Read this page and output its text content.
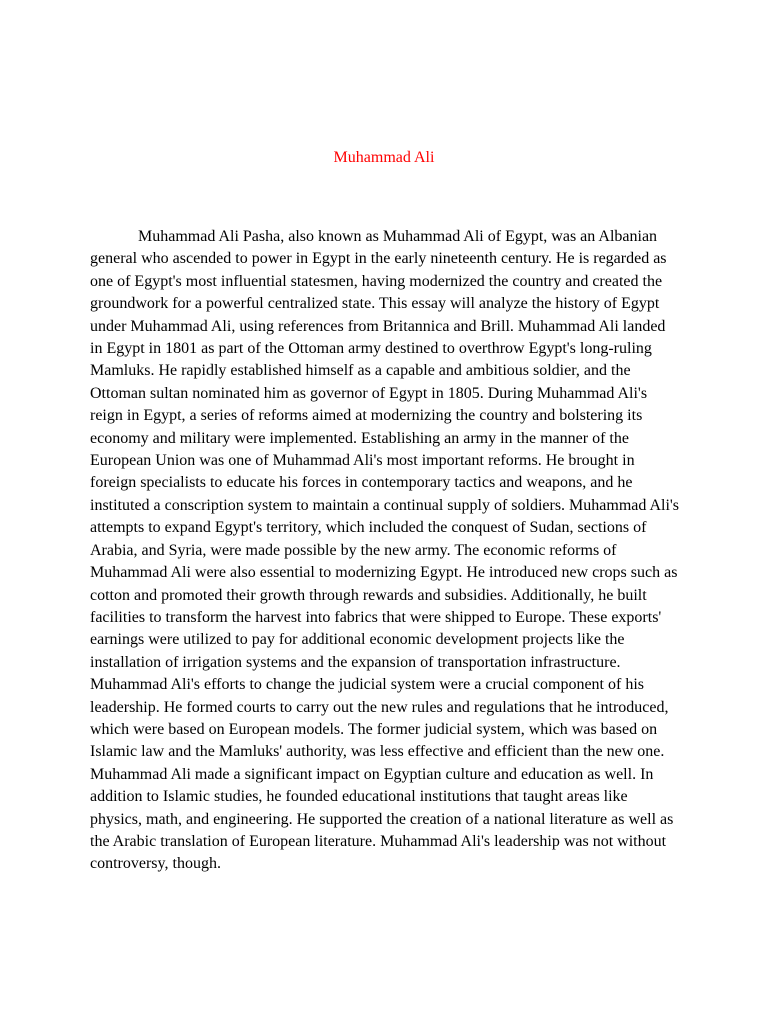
Muhammad Ali

Muhammad Ali Pasha, also known as Muhammad Ali of Egypt, was an Albanian general who ascended to power in Egypt in the early nineteenth century. He is regarded as one of Egypt's most influential statesmen, having modernized the country and created the groundwork for a powerful centralized state. This essay will analyze the history of Egypt under Muhammad Ali, using references from Britannica and Brill. Muhammad Ali landed in Egypt in 1801 as part of the Ottoman army destined to overthrow Egypt's long-ruling Mamluks. He rapidly established himself as a capable and ambitious soldier, and the Ottoman sultan nominated him as governor of Egypt in 1805. During Muhammad Ali's reign in Egypt, a series of reforms aimed at modernizing the country and bolstering its economy and military were implemented. Establishing an army in the manner of the European Union was one of Muhammad Ali's most important reforms. He brought in foreign specialists to educate his forces in contemporary tactics and weapons, and he instituted a conscription system to maintain a continual supply of soldiers. Muhammad Ali's attempts to expand Egypt's territory, which included the conquest of Sudan, sections of Arabia, and Syria, were made possible by the new army. The economic reforms of Muhammad Ali were also essential to modernizing Egypt. He introduced new crops such as cotton and promoted their growth through rewards and subsidies. Additionally, he built facilities to transform the harvest into fabrics that were shipped to Europe. These exports' earnings were utilized to pay for additional economic development projects like the installation of irrigation systems and the expansion of transportation infrastructure. Muhammad Ali's efforts to change the judicial system were a crucial component of his leadership. He formed courts to carry out the new rules and regulations that he introduced, which were based on European models. The former judicial system, which was based on Islamic law and the Mamluks' authority, was less effective and efficient than the new one. Muhammad Ali made a significant impact on Egyptian culture and education as well. In addition to Islamic studies, he founded educational institutions that taught areas like physics, math, and engineering. He supported the creation of a national literature as well as the Arabic translation of European literature. Muhammad Ali's leadership was not without controversy, though.
